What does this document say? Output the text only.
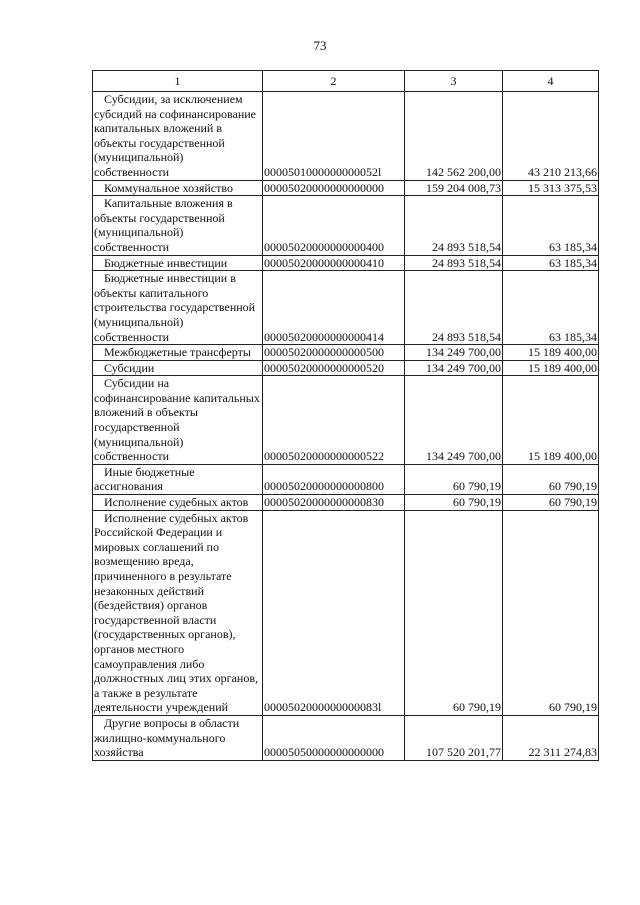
73
1	2	3	4
Субсидии, за исключением субсидий на софинансирование капитальных вложений в объекты государственной (муниципальной) собственности	0000501000000000052l	142 562 200,00	43 210 213,66
Коммунальное хозяйство	00005020000000000000	159 204 008,73	15 313 375,53
Капитальные вложения в объекты государственной (муниципальной) собственности	00005020000000000400	24 893 518,54	63 185,34
Бюджетные инвестиции	00005020000000000410	24 893 518,54	63 185,34
Бюджетные инвестиции в объекты капитального строительства государственной (муниципальной) собственности	00005020000000000414	24 893 518,54	63 185,34
Межбюджетные трансферты	00005020000000000500	134 249 700,00	15 189 400,00
Субсидии	00005020000000000520	134 249 700,00	15 189 400,00
Субсидии на софинансирование капитальных вложений в объекты государственной (муниципальной) собственности	00005020000000000522	134 249 700,00	15 189 400,00
Иные бюджетные ассигнования	00005020000000000800	60 790,19	60 790,19
Исполнение судебных актов	00005020000000000830	60 790,19	60 790,19
Исполнение судебных актов Российской Федерации и мировых соглашений по возмещению вреда, причиненного в результате незаконных действий (бездействия) органов государственной власти (государственных органов), органов местного самоуправления либо должностных лиц этих органов, а также в результате деятельности учреждений	0000502000000000083l	60 790,19	60 790,19
Другие вопросы в области жилищно-коммунального хозяйства	00005050000000000000	107 520 201,77	22 311 274,83
